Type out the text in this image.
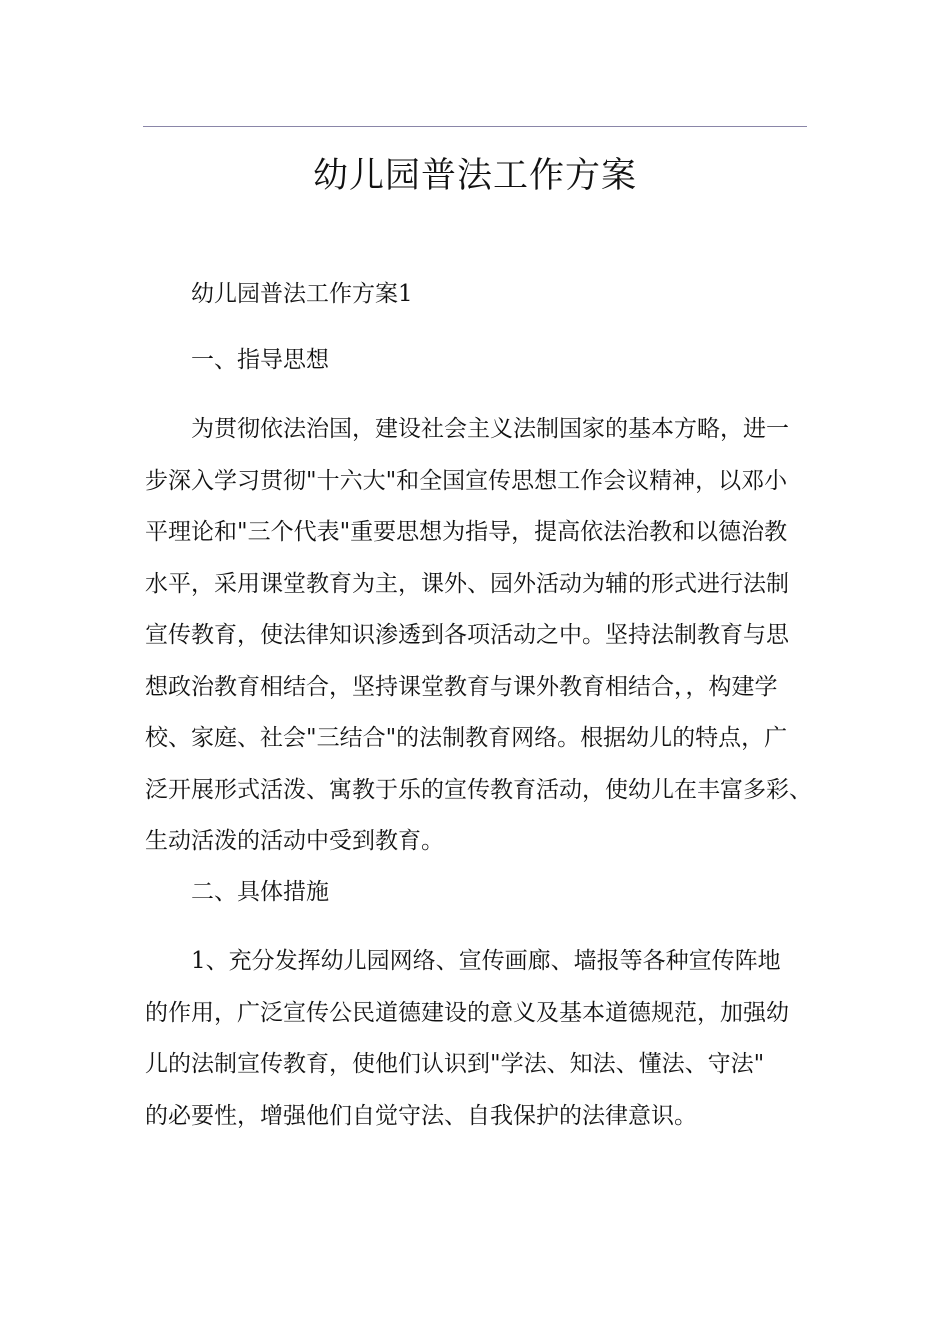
幼儿园普法工作方案

幼儿园普法工作方案1

一、指导思想

为贯彻依法治国，建设社会主义法制国家的基本方略，进一
步深入学习贯彻"十六大"和全国宣传思想工作会议精神，以邓小
平理论和"三个代表"重要思想为指导，提高依法治教和以德治教
水平，采用课堂教育为主，课外、园外活动为辅的形式进行法制
宣传教育，使法律知识渗透到各项活动之中。坚持法制教育与思
想政治教育相结合，坚持课堂教育与课外教育相结合，，构建学
校、家庭、社会"三结合"的法制教育网络。根据幼儿的特点，广
泛开展形式活泼、寓教于乐的宣传教育活动，使幼儿在丰富多彩、
生动活泼的活动中受到教育。

二、具体措施

1、充分发挥幼儿园网络、宣传画廊、墙报等各种宣传阵地
的作用，广泛宣传公民道德建设的意义及基本道德规范，加强幼
儿的法制宣传教育，使他们认识到"学法、知法、懂法、守法"
的必要性，增强他们自觉守法、自我保护的法律意识。
